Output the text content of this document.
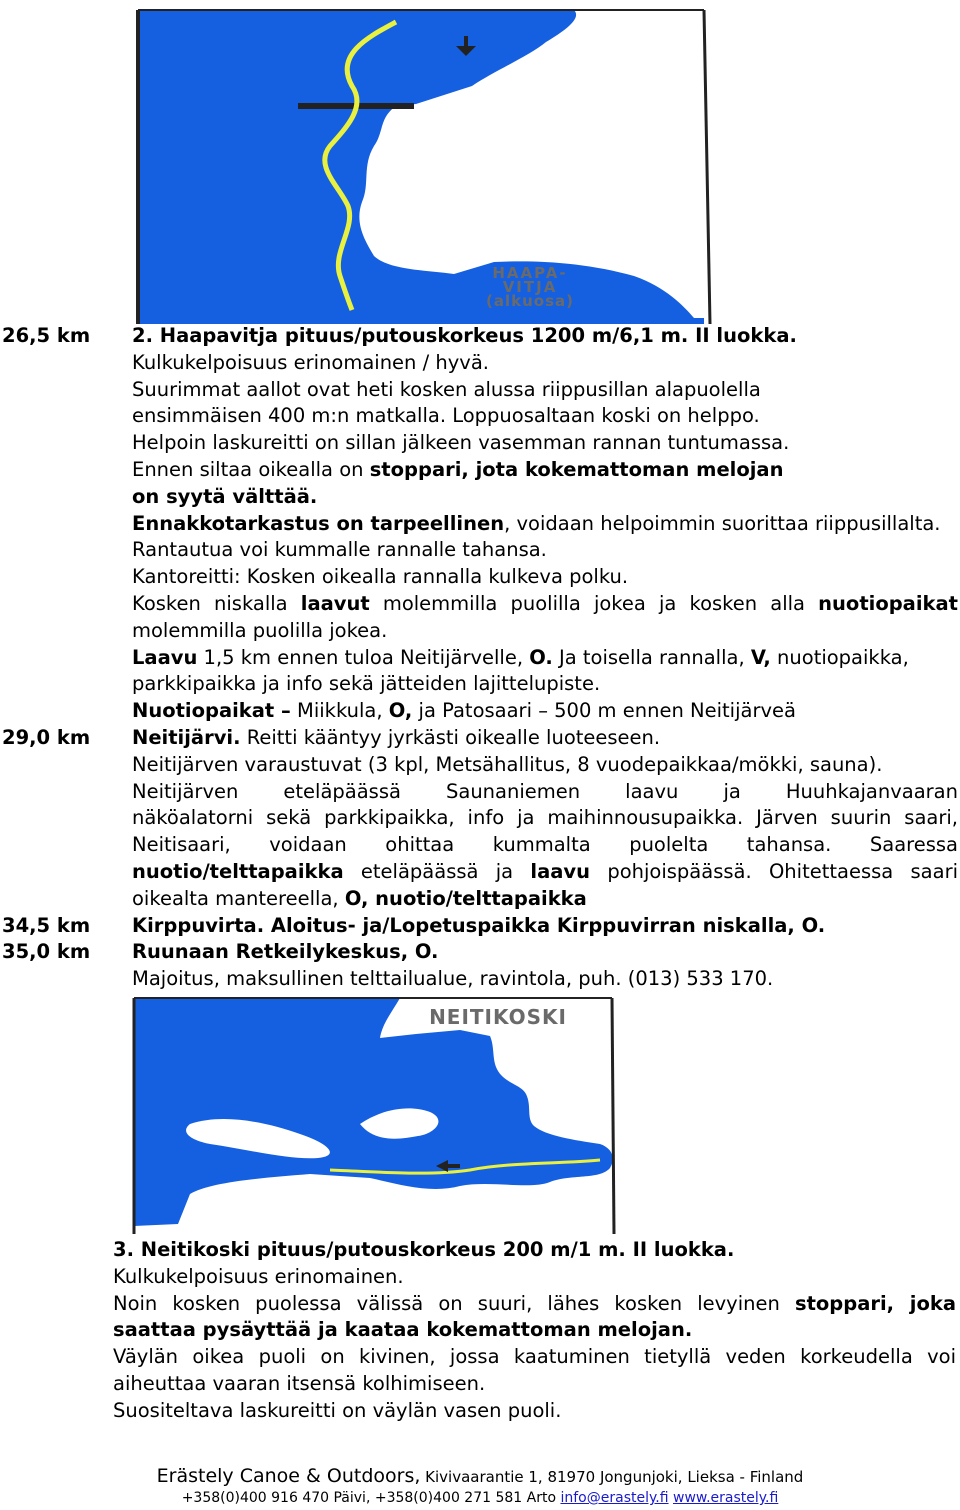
HAAPA-
VITJA
(alkuosa)
26,5 km	2. Haapavitja pituus/putouskorkeus 1200 m/6,1 m. II luokka.
Kulkukelpoisuus erinomainen / hyvä.
Suurimmat aallot ovat heti kosken alussa riippusillan alapuolella
ensimmäisen 400 m:n matkalla. Loppuosaltaan koski on helppo.
Helpoin laskureitti on sillan jälkeen vasemman rannan tuntumassa.
Ennen siltaa oikealla on stoppari, jota kokemattoman melojan
on syytä välttää.
Ennakkotarkastus on tarpeellinen, voidaan helpoimmin suorittaa riippusillalta.
Rantautua voi kummalle rannalle tahansa.
Kantoreitti: Kosken oikealla rannalla kulkeva polku.
Kosken niskalla laavut molemmilla puolilla jokea ja kosken alla nuotiopaikat
molemmilla puolilla jokea.
Laavu 1,5 km ennen tuloa Neitijärvelle, O. Ja toisella rannalla, V, nuotiopaikka,
parkkipaikka ja info sekä jätteiden lajittelupiste.
Nuotiopaikat – Miikkula, O, ja Patosaari – 500 m ennen Neitijärveä
29,0 km	Neitijärvi. Reitti kääntyy jyrkästi oikealle luoteeseen.
Neitijärven varaustuvat (3 kpl, Metsähallitus, 8 vuodepaikkaa/mökki, sauna).
Neitijärven eteläpäässä Saunaniemen laavu ja Huuhkajanvaaran
näköalatorni sekä parkkipaikka, info ja maihinnousupaikka. Järven suurin saari,
Neitisaari, voidaan ohittaa kummalta puolelta tahansa. Saaressa
nuotio/telttapaikka eteläpäässä ja laavu pohjoispäässä. Ohitettaessa saari
oikealta mantereella, O, nuotio/telttapaikka
34,5 km	Kirppuvirta. Aloitus- ja/Lopetuspaikka Kirppuvirran niskalla, O.
35,0 km	Ruunaan Retkeilykeskus, O.
Majoitus, maksullinen telttailualue, ravintola, puh. (013) 533 170.
NEITIKOSKI
3. Neitikoski pituus/putouskorkeus 200 m/1 m. II luokka.
Kulkukelpoisuus erinomainen.
Noin kosken puolessa välissä on suuri, lähes kosken levyinen stoppari, joka
saattaa pysäyttää ja kaataa kokemattoman melojan.
Väylän oikea puoli on kivinen, jossa kaatuminen tietyllä veden korkeudella voi
aiheuttaa vaaran itsensä kolhimiseen.
Suositeltava laskureitti on väylän vasen puoli.
Erästely Canoe & Outdoors, Kivivaarantie 1, 81970 Jongunjoki, Lieksa - Finland
+358(0)400 916 470 Päivi, +358(0)400 271 581 Arto info@erastely.fi www.erastely.fi
